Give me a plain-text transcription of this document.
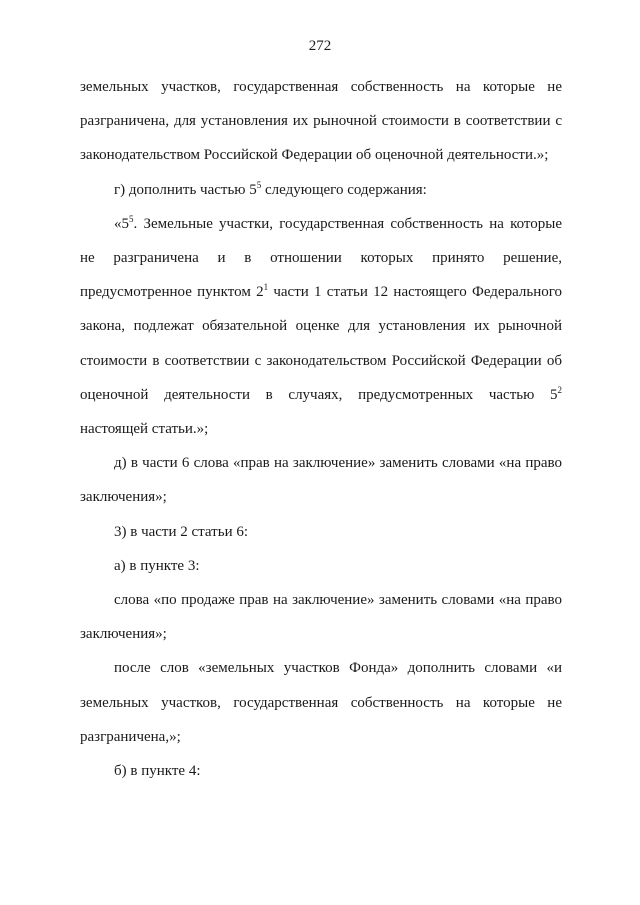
272

земельных участков, государственная собственность на которые не разграничена, для установления их рыночной стоимости в соответствии с законодательством Российской Федерации об оценочной деятельности.»;

г) дополнить частью $5^5$ следующего содержания:

«$5^5$. Земельные участки, государственная собственность на которые не разграничена и в отношении которых принято решение, предусмотренное пунктом $2^1$ части 1 статьи 12 настоящего Федерального закона, подлежат обязательной оценке для установления их рыночной стоимости в соответствии с законодательством Российской Федерации об оценочной деятельности в случаях, предусмотренных частью $5^2$ настоящей статьи.»;

д) в части 6 слова «прав на заключение» заменить словами «на право заключения»;

3) в части 2 статьи 6:

а) в пункте 3:

слова «по продаже прав на заключение» заменить словами «на право заключения»;

после слов «земельных участков Фонда» дополнить словами «и земельных участков, государственная собственность на которые не разграничена,»;

б) в пункте 4:
